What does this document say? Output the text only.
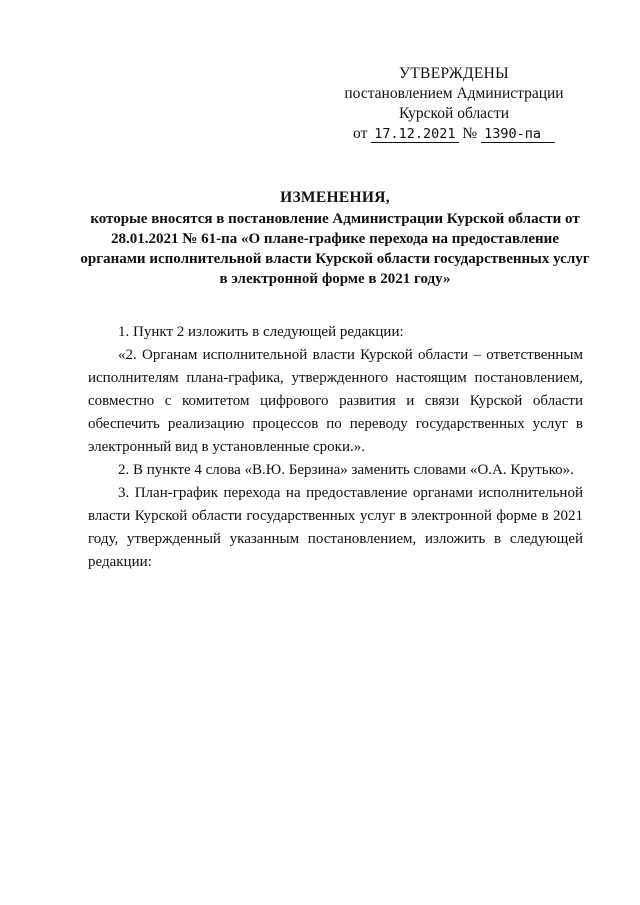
УТВЕРЖДЕНЫ
постановлением Администрации
Курской области
от 17.12.2021 № 1390-па
ИЗМЕНЕНИЯ,
которые вносятся в постановление Администрации Курской области от 28.01.2021 № 61-па «О плане-графике перехода на предоставление органами исполнительной власти Курской области государственных услуг в электронной форме в 2021 году»

1. Пункт 2 изложить в следующей редакции:

«2. Органам исполнительной власти Курской области – ответственным исполнителям плана-графика, утвержденного настоящим постановлением, совместно с комитетом цифрового развития и связи Курской области обеспечить реализацию процессов по переводу государственных услуг в электронный вид в установленные сроки.».

2. В пункте 4 слова «В.Ю. Берзина» заменить словами «О.А. Крутько».

3. План-график перехода на предоставление органами исполнительной власти Курской области государственных услуг в электронной форме в 2021 году, утвержденный указанным постановлением, изложить в следующей редакции:
